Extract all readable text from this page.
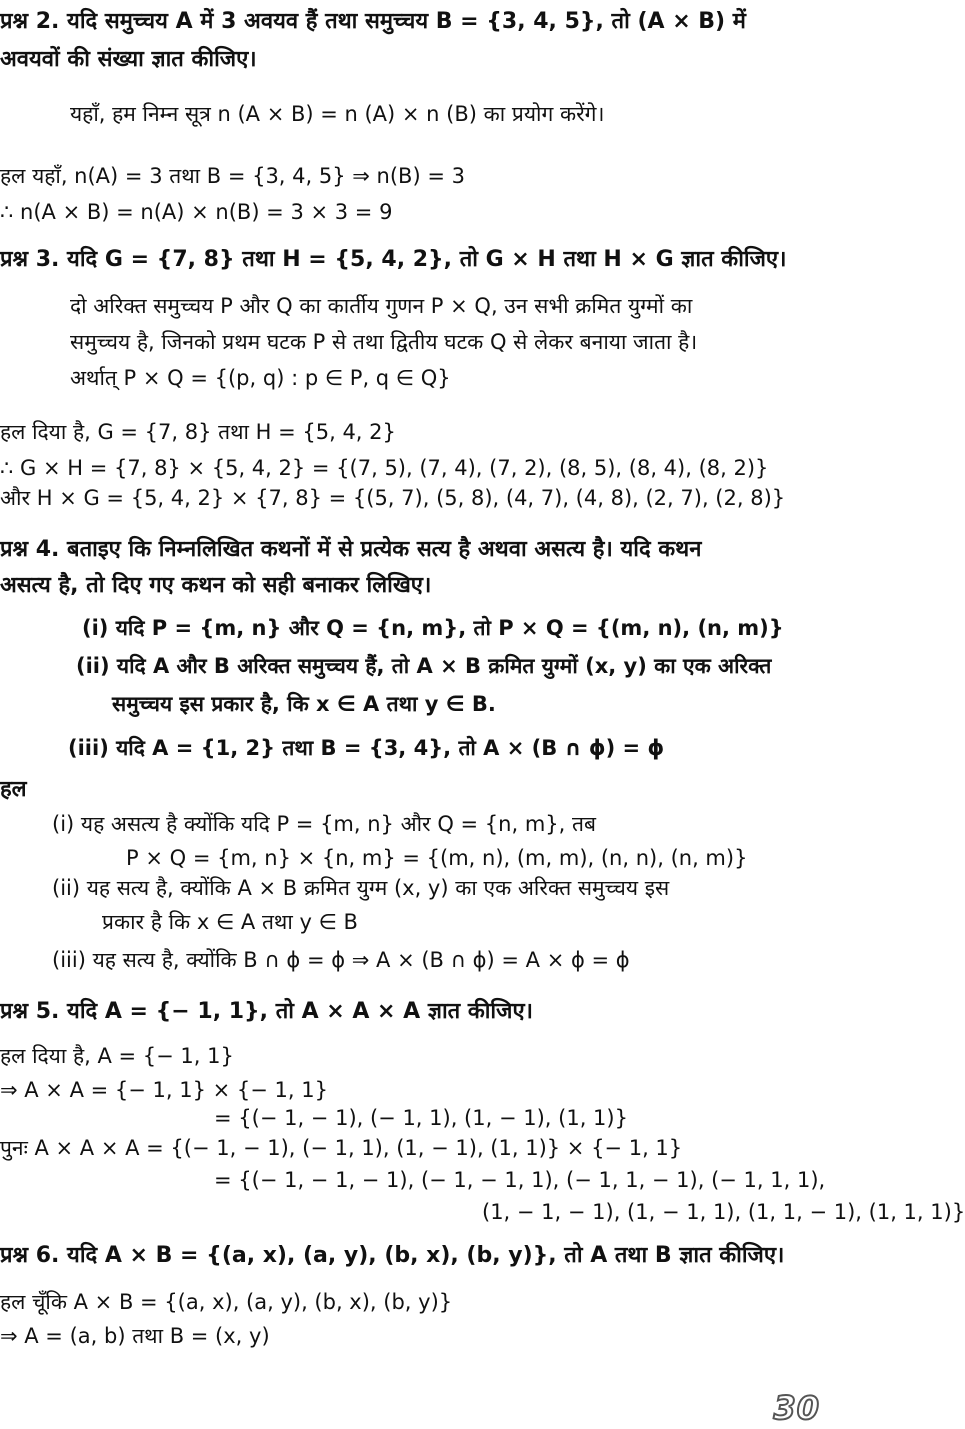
प्रश्न 2. यदि समुच्चय A में 3 अवयव हैं तथा समुच्चय B = {3, 4, 5}, तो (A × B) में
अवयवों की संख्या ज्ञात कीजिए।
यहाँ, हम निम्न सूत्र n (A × B) = n (A) × n (B) का प्रयोग करेंगे।
हल यहाँ, n(A) = 3 तथा B = {3, 4, 5} ⇒ n(B) = 3
∴ n(A × B) = n(A) × n(B) = 3 × 3 = 9
प्रश्न 3. यदि G = {7, 8} तथा H = {5, 4, 2}, तो G × H तथा H × G ज्ञात कीजिए।
दो अरिक्त समुच्चय P और Q का कार्तीय गुणन P × Q, उन सभी क्रमित युग्मों का
समुच्चय है, जिनको प्रथम घटक P से तथा द्वितीय घटक Q से लेकर बनाया जाता है।
अर्थात् P × Q = {(p, q) : p ∈ P, q ∈ Q}
हल दिया है, G = {7, 8} तथा H = {5, 4, 2}
∴ G × H = {7, 8} × {5, 4, 2} = {(7, 5), (7, 4), (7, 2), (8, 5), (8, 4), (8, 2)}
और H × G = {5, 4, 2} × {7, 8} = {(5, 7), (5, 8), (4, 7), (4, 8), (2, 7), (2, 8)}
प्रश्न 4. बताइए कि निम्नलिखित कथनों में से प्रत्येक सत्य है अथवा असत्य है। यदि कथन
असत्य है, तो दिए गए कथन को सही बनाकर लिखिए।
(i) यदि P = {m, n} और Q = {n, m}, तो P × Q = {(m, n), (n, m)}
(ii) यदि A और B अरिक्त समुच्चय हैं, तो A × B क्रमित युग्मों (x, y) का एक अरिक्त
समुच्चय इस प्रकार है, कि x ∈ A तथा y ∈ B.
(iii) यदि A = {1, 2} तथा B = {3, 4}, तो A × (B ∩ ϕ) = ϕ
हल
(i) यह असत्य है क्योंकि यदि P = {m, n} और Q = {n, m}, तब
P × Q = {m, n} × {n, m} = {(m, n), (m, m), (n, n), (n, m)}
(ii) यह सत्य है, क्योंकि A × B क्रमित युग्म (x, y) का एक अरिक्त समुच्चय इस
प्रकार है कि x ∈ A तथा y ∈ B
(iii) यह सत्य है, क्योंकि B ∩ ϕ = ϕ ⇒ A × (B ∩ ϕ) = A × ϕ = ϕ
प्रश्न 5. यदि A = {− 1, 1}, तो A × A × A ज्ञात कीजिए।
हल दिया है, A = {− 1, 1}
⇒ A × A = {− 1, 1} × {− 1, 1}
= {(− 1, − 1), (− 1, 1), (1, − 1), (1, 1)}
पुनः A × A × A = {(− 1, − 1), (− 1, 1), (1, − 1), (1, 1)} × {− 1, 1}
= {(− 1, − 1, − 1), (− 1, − 1, 1), (− 1, 1, − 1), (− 1, 1, 1),
(1, − 1, − 1), (1, − 1, 1), (1, 1, − 1), (1, 1, 1)}
प्रश्न 6. यदि A × B = {(a, x), (a, y), (b, x), (b, y)}, तो A तथा B ज्ञात कीजिए।
हल चूँकि A × B = {(a, x), (a, y), (b, x), (b, y)}
⇒ A = (a, b) तथा B = (x, y)
30
